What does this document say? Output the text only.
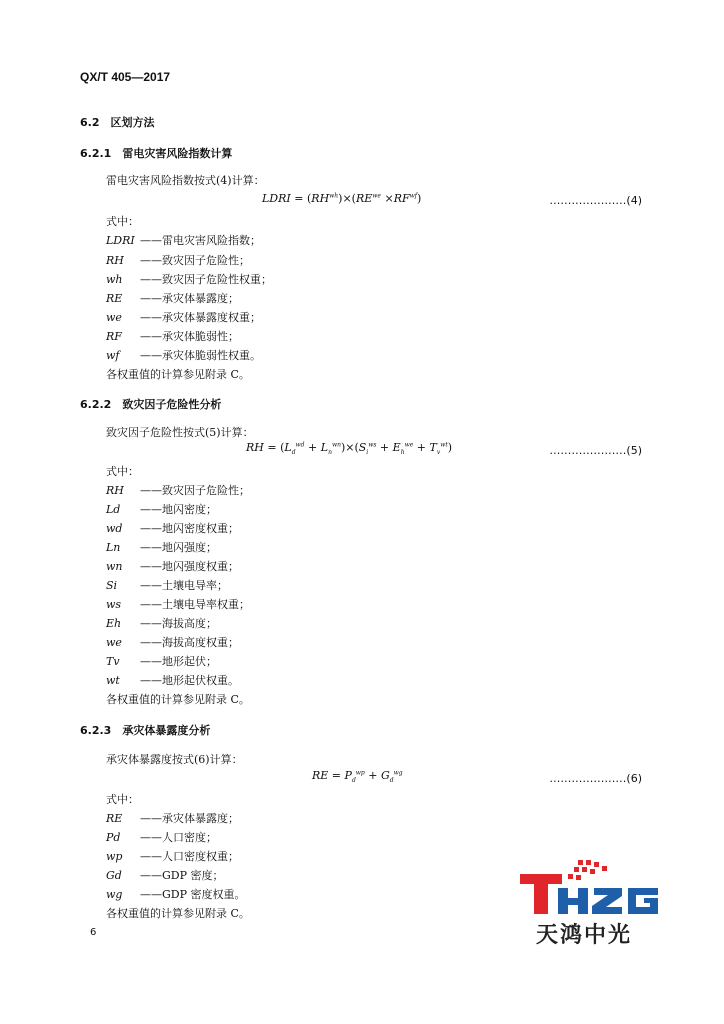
QX/T 405—2017
6.2　区划方法
6.2.1　雷电灾害风险指数计算
雷电灾害风险指数按式(4)计算：
LDRI = $(RH^{wh})\times(RE^{we} \times RF^{wf})$	…………………(4)
式中：
LDRI ——雷电灾害风险指数；
RH ——致灾因子危险性；
wh ——致灾因子危险性权重；
RE ——承灾体暴露度；
we ——承灾体暴露度权重；
RF ——承灾体脆弱性；
wf ——承灾体脆弱性权重。
各权重值的计算参见附录 C。
6.2.2　致灾因子危险性分析
致灾因子危险性按式(5)计算：
RH = $(L_d^{wd} + L_n^{wn})\times(S_i^{ws} + E_h^{we} + T_v^{wt})$	…………………(5)
式中：
RH ——致灾因子危险性；
Ld ——地闪密度；
wd ——地闪密度权重；
Ln ——地闪强度；
wn ——地闪强度权重；
Si ——土壤电导率；
ws ——土壤电导率权重；
Eh ——海拔高度；
we ——海拔高度权重；
Tv ——地形起伏；
wt ——地形起伏权重。
各权重值的计算参见附录 C。
6.2.3　承灾体暴露度分析
承灾体暴露度按式(6)计算：
RE = $P_d^{wp} + G_d^{wg}$	…………………(6)
式中：
RE ——承灾体暴露度；
Pd ——人口密度；
wp ——人口密度权重；
Gd ——GDP 密度；
wg ——GDP 密度权重。
各权重值的计算参见附录 C。
6	天鸿中光
